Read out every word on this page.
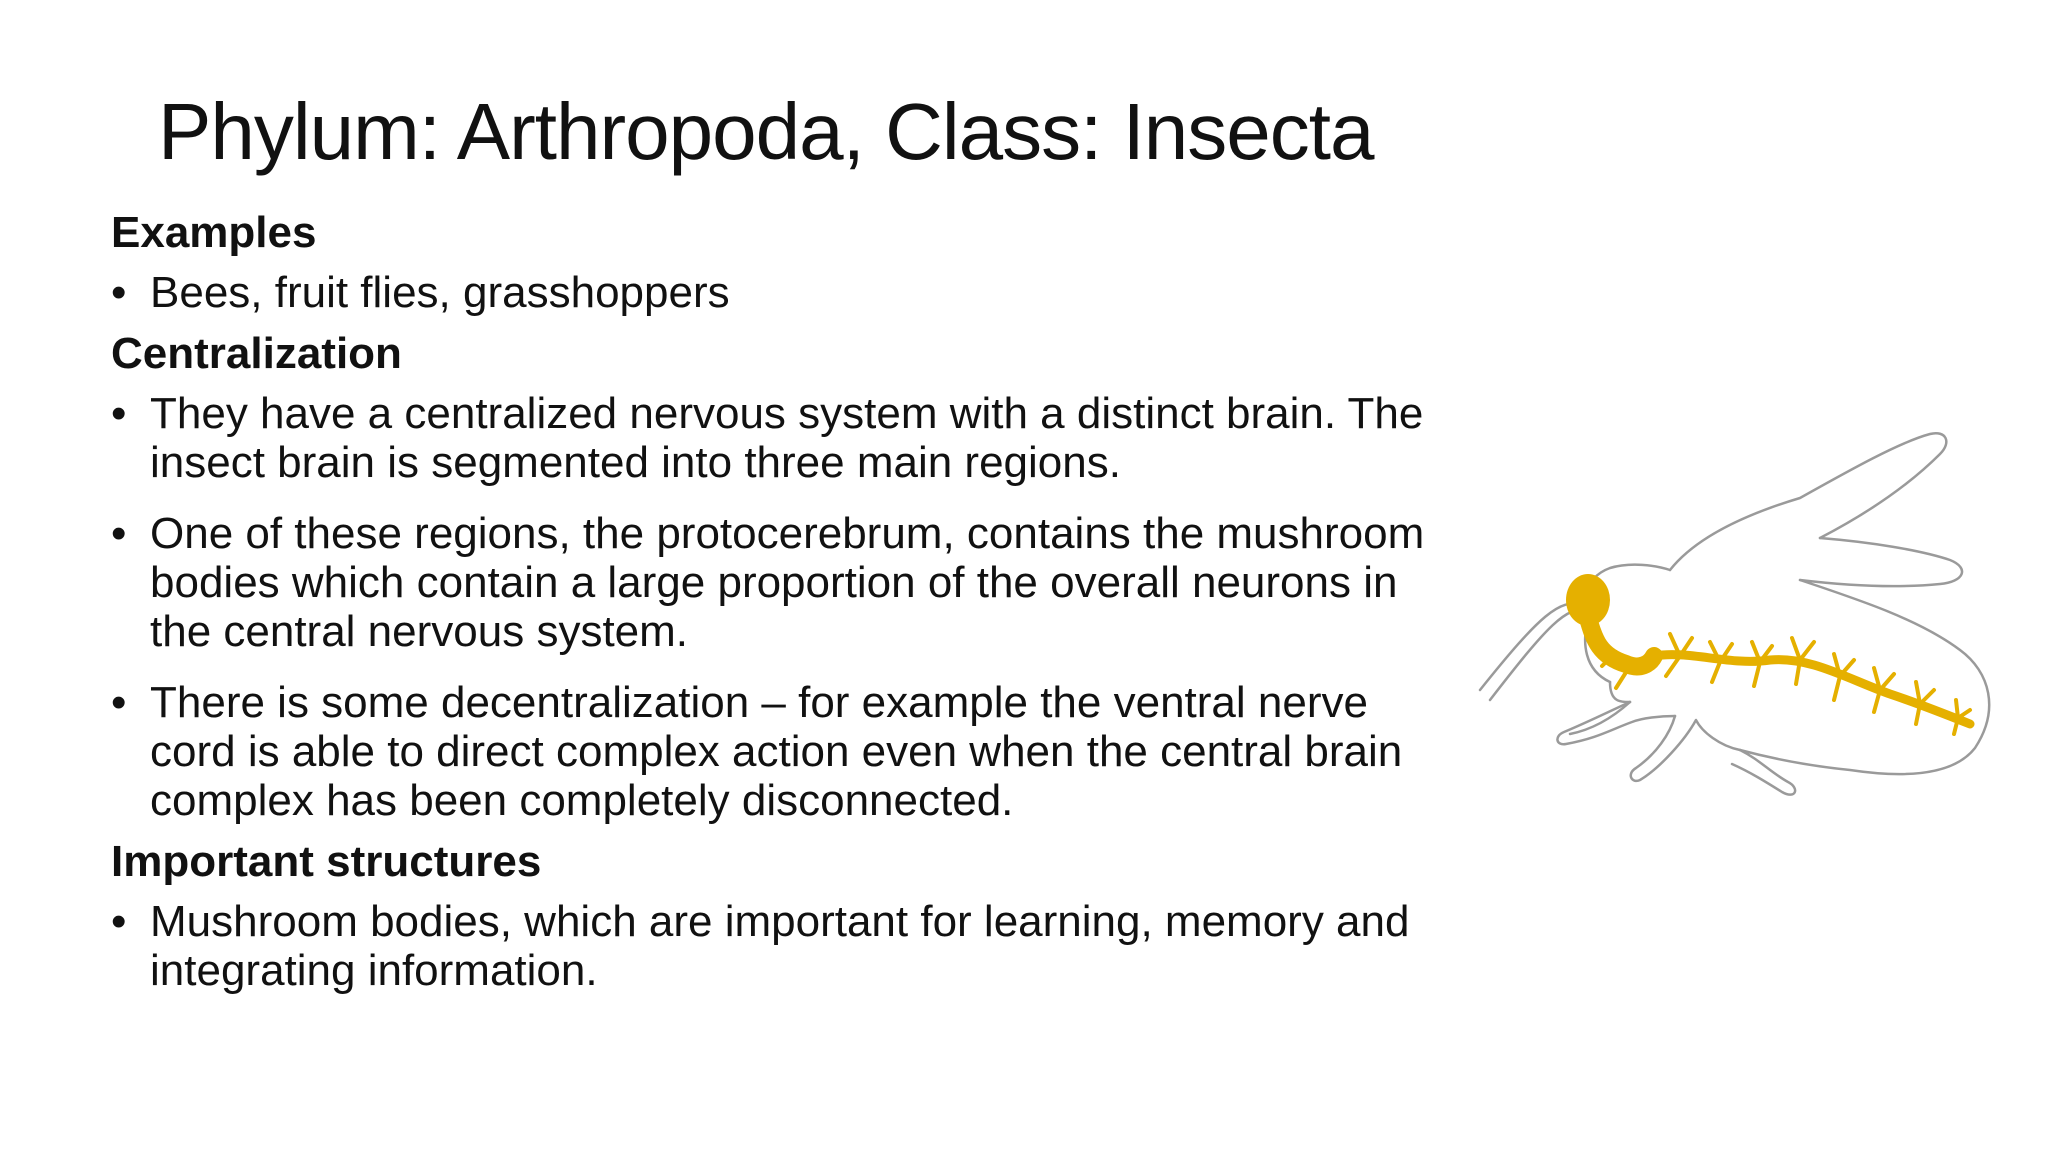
Phylum: Arthropoda, Class: Insecta
Examples
• Bees, fruit flies, grasshoppers
Centralization
• They have a centralized nervous system with a distinct brain. The insect brain is segmented into three main regions.
• One of these regions, the protocerebrum, contains the mushroom bodies which contain a large proportion of the overall neurons in the central nervous system.
• There is some decentralization – for example the ventral nerve cord is able to direct complex action even when the central brain complex has been completely disconnected.
Important structures
• Mushroom bodies, which are important for learning, memory and integrating information.
